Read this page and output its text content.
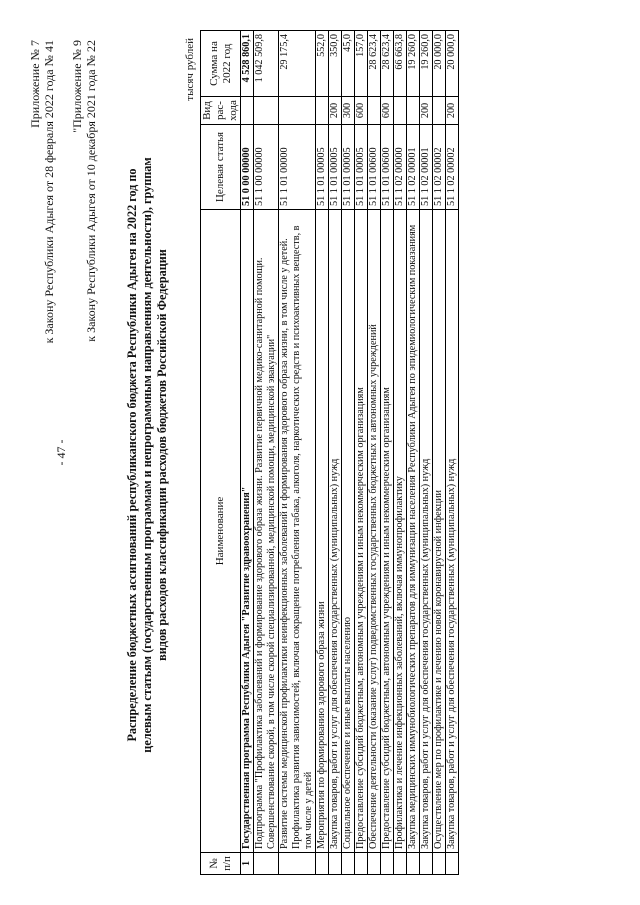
- 47 -
Приложение № 7 к Закону Республики Адыгея от 28 февраля 2022 года № 41 "Приложение № 9 к Закону Республики Адыгея от 10 декабря 2021 года № 22 Распределение бюджетных ассигнований республиканского бюджета Республики Адыгея на 2022 год по целевым статьям (государственным программам и непрограммным направлениям деятельности), группам видов расходов классификации расходов бюджетов Российской Федерации
тысяч рублей
№ п/п	Наименование	Целевая статья	Вид рас-хода	Сумма на 2022 год
1	Государственная программа Республики Адыгея "Развитие здравоохранения"	51 0 00 00000		4 528 860,1
	Подпрограмма "Профилактика заболеваний и формирование здорового образа жизни. Развитие первичной медико-санитарной помощи. Совершенствование скорой, в том числе скорой специализированной, медицинской помощи, медицинской эвакуации"	51 1 00 00000		1 042 509,8
	Развитие системы медицинской профилактики неинфекционных заболеваний и формирования здорового образа жизни, в том числе у детей. Профилактика развития зависимостей, включая сокращение потребления табака, алкоголя, наркотических средств и психоактивных веществ, в том числе у детей	51 1 01 00000		29 175,4
	Мероприятия по формированию здорового образа жизни	51 1 01 00005		552,0
	Закупка товаров, работ и услуг для обеспечения государственных (муниципальных) нужд	51 1 01 00005	200	350,0
	Социальное обеспечение и иные выплаты населению	51 1 01 00005	300	45,0
	Предоставление субсидий бюджетным, автономным учреждениям и иным некоммерческим организациям	51 1 01 00005	600	157,0
	Обеспечение деятельности (оказание услуг) подведомственных государственных бюджетных и автономных учреждений	51 1 01 00600		28 623,4
	Предоставление субсидий бюджетным, автономным учреждениям и иным некоммерческим организациям	51 1 01 00600	600	28 623,4
	Профилактика и лечение инфекционных заболеваний, включая иммунопрофилактику	51 1 02 00000		66 663,8
	Закупка медицинских иммунобиологических препаратов для иммунизации населения Республики Адыгея по эпидемиологическим показаниям	51 1 02 00001		19 260,0
	Закупка товаров, работ и услуг для обеспечения государственных (муниципальных) нужд	51 1 02 00001	200	19 260,0
	Осуществление мер по профилактике и лечению новой коронавирусной инфекции	51 1 02 00002		20 000,0
	Закупка товаров, работ и услуг для обеспечения государственных (муниципальных) нужд	51 1 02 00002	200	20 000,0
